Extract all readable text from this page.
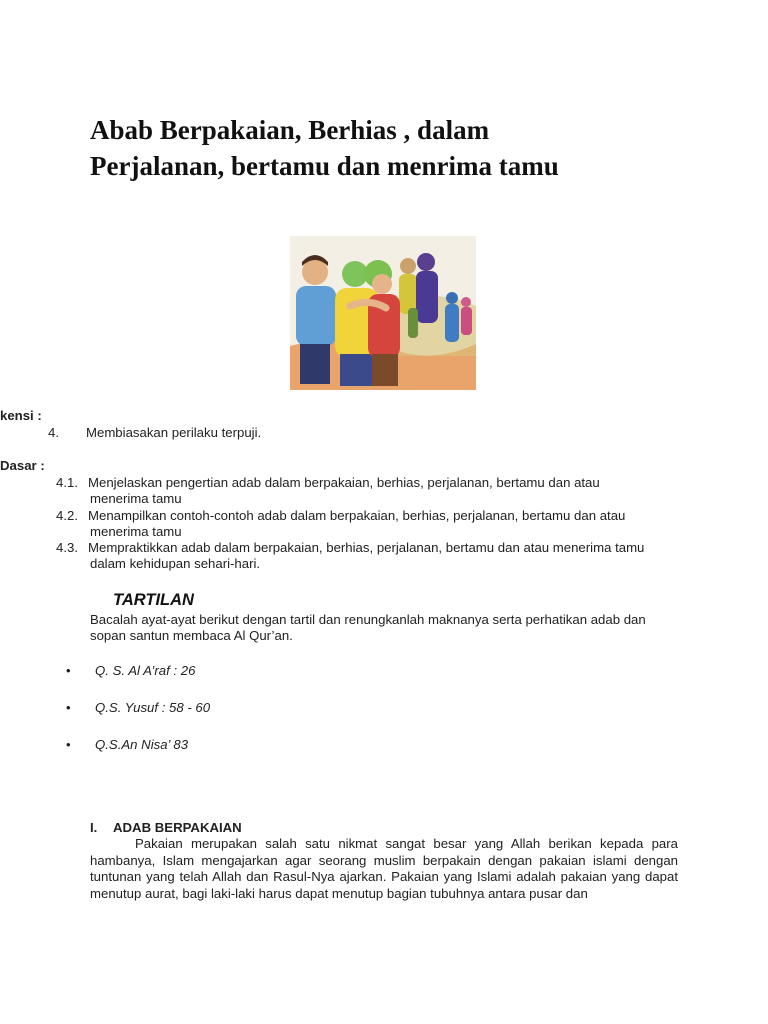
Abab Berpakaian, Berhias , dalam
Perjalanan, bertamu dan menrima tamu
kensi :
4. Membiasakan perilaku terpuji.
Dasar :
4.1. Menjelaskan pengertian adab dalam berpakaian, berhias, perjalanan, bertamu dan atau
menerima tamu
4.2. Menampilkan contoh-contoh adab dalam berpakaian, berhias, perjalanan, bertamu dan atau
menerima tamu
4.3. Mempraktikkan adab dalam berpakaian, berhias, perjalanan, bertamu dan atau menerima tamu
dalam kehidupan sehari-hari.
TARTILAN
Bacalah ayat-ayat berikut dengan tartil dan renungkanlah maknanya serta perhatikan adab dan
sopan santun membaca Al Qur’an.
• Q. S. Al A’raf : 26
• Q.S. Yusuf : 58 - 60
• Q.S.An Nisa’ 83
I. ADAB BERPAKAIAN
Pakaian merupakan salah satu nikmat sangat besar yang Allah berikan kepada para hambanya, Islam mengajarkan agar seorang muslim berpakain dengan pakaian islami dengan tuntunan yang telah Allah dan Rasul-Nya ajarkan. Pakaian yang Islami adalah pakaian yang dapat menutup aurat, bagi laki-laki harus dapat menutup bagian tubuhnya antara pusar dan
